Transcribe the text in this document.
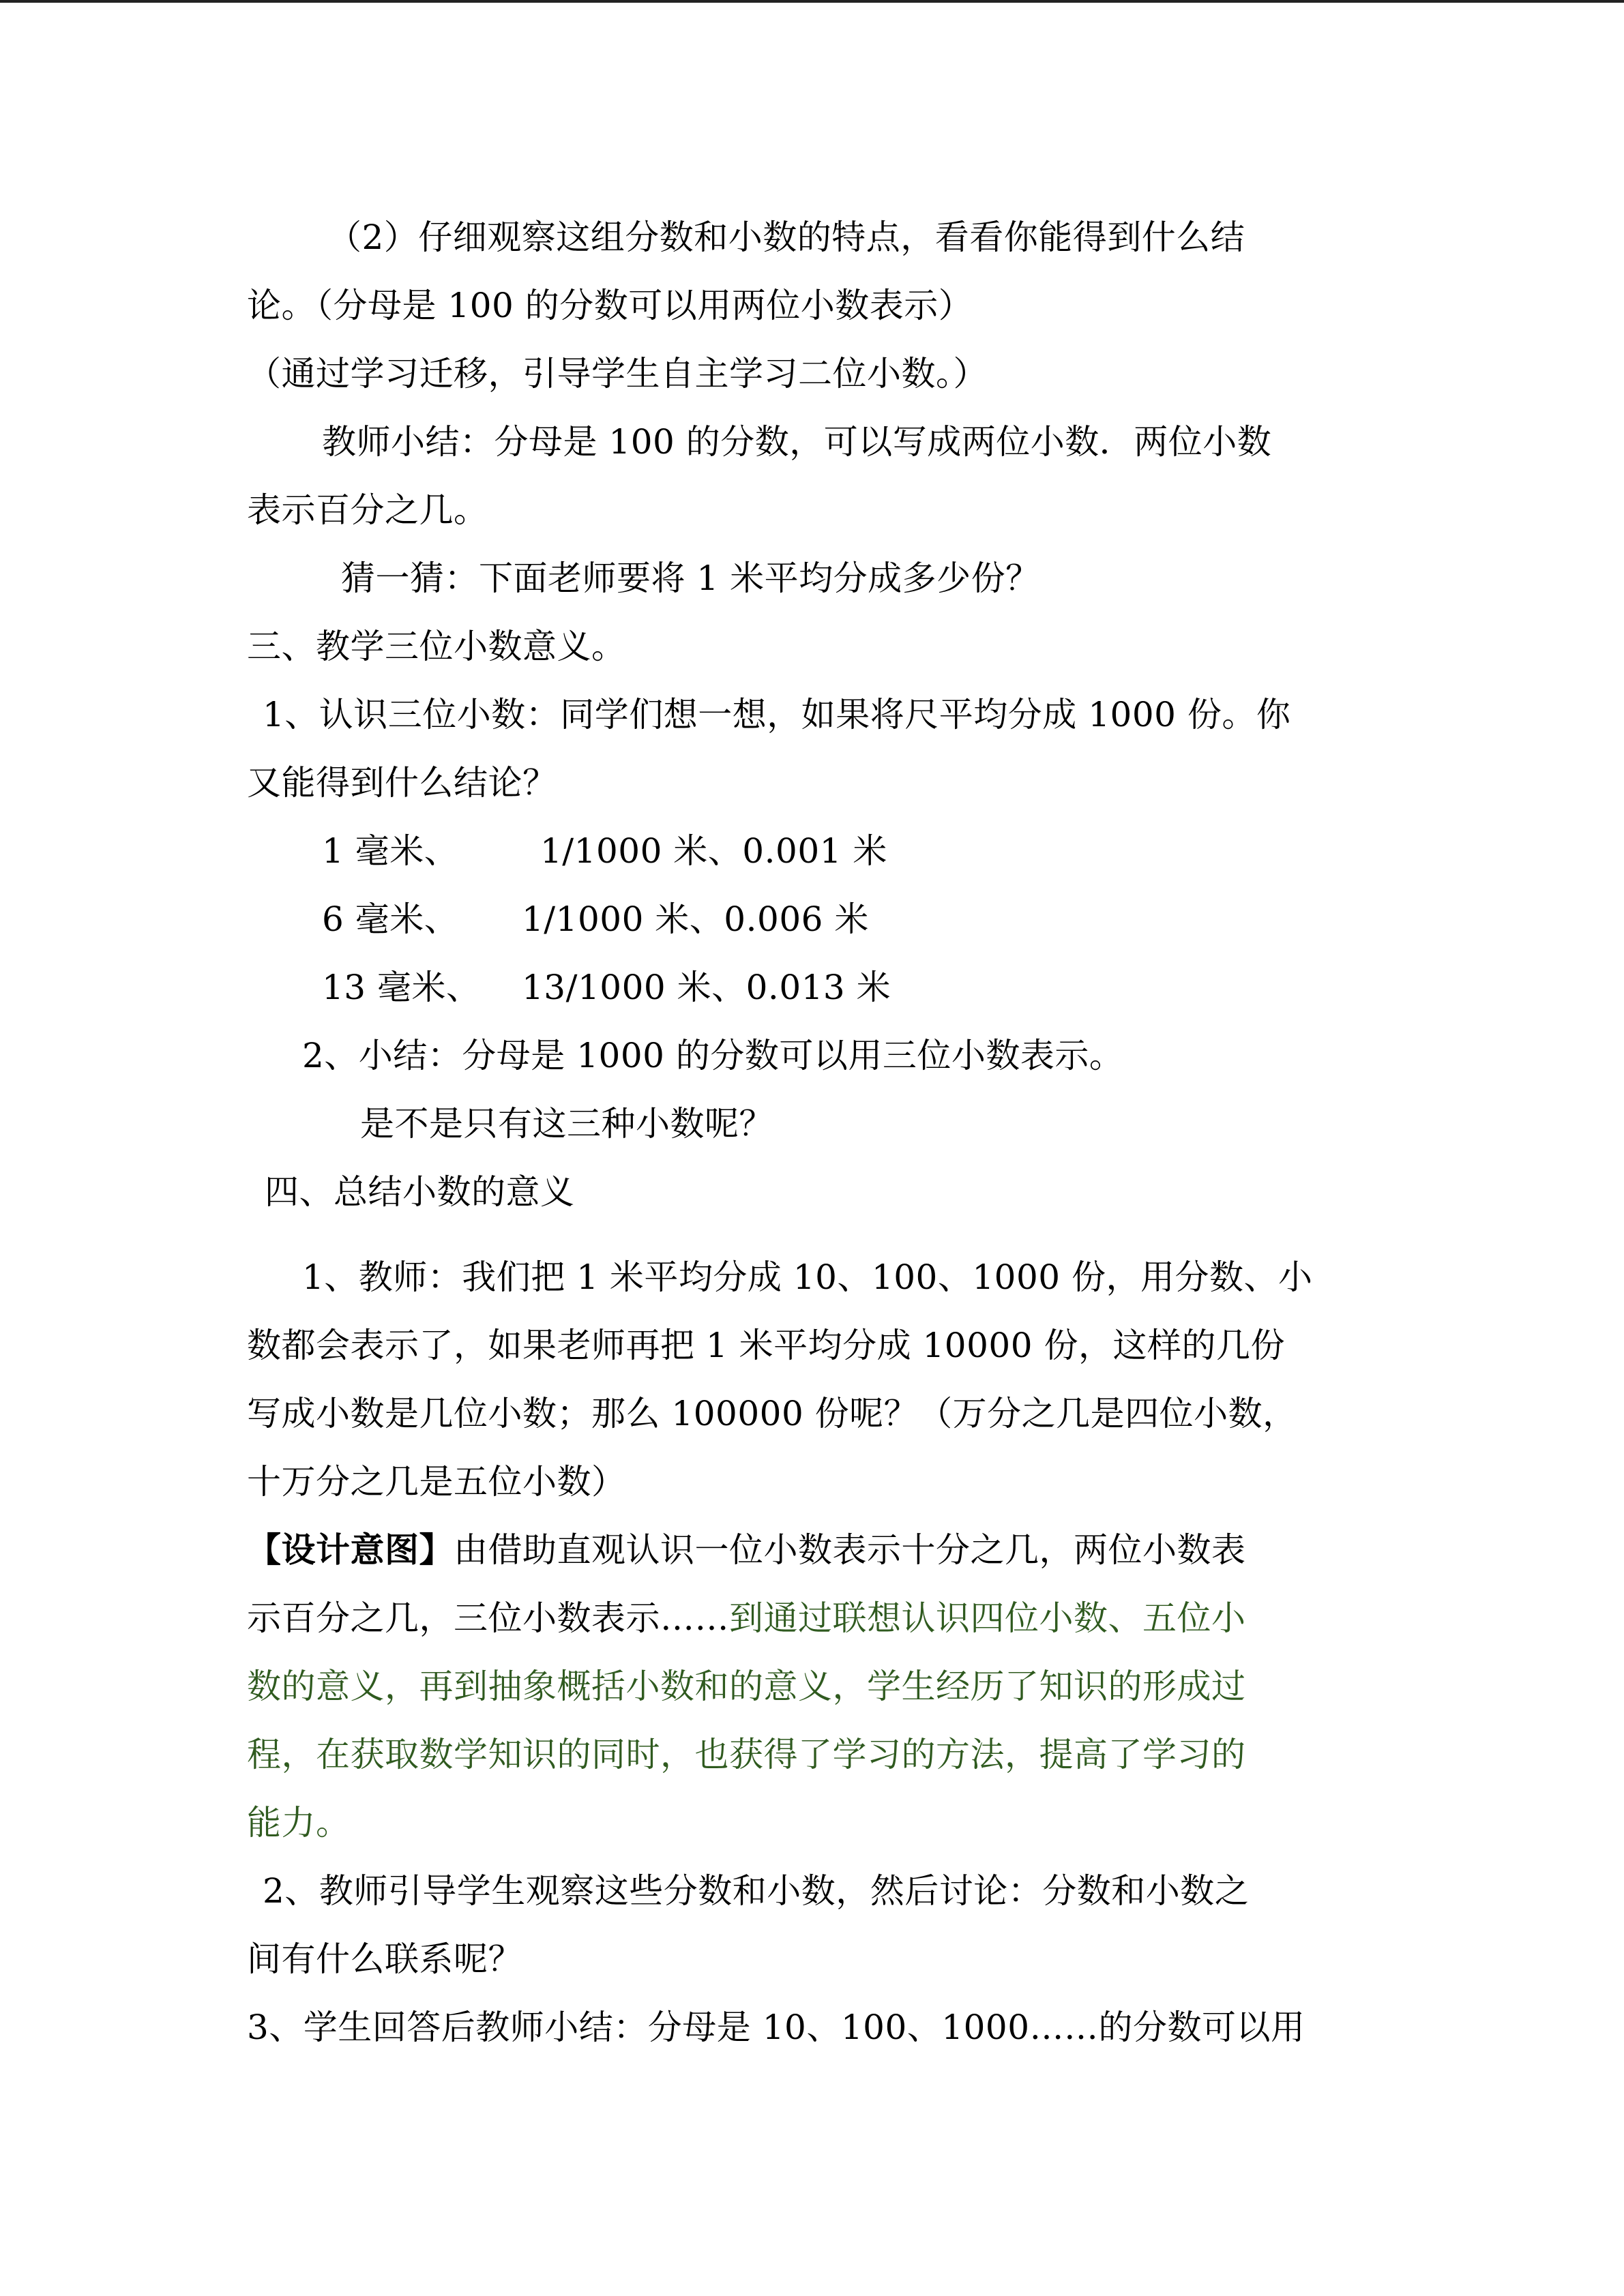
（2）仔细观察这组分数和小数的特点，看看你能得到什么结
论。（分母是 100 的分数可以用两位小数表示）
（通过学习迁移，引导学生自主学习二位小数。）
教师小结：分母是 100 的分数，可以写成两位小数．两位小数
表示百分之几。
猜一猜：下面老师要将 1 米平均分成多少份？
三、教学三位小数意义。
1、认识三位小数：同学们想一想，如果将尺平均分成 1000 份。你
又能得到什么结论？
1 毫米、 1/1000 米、0.001 米
6 毫米、 1/1000 米、0.006 米
13 毫米、 13/1000 米、0.013 米
2、小结：分母是 1000 的分数可以用三位小数表示。
是不是只有这三种小数呢？
四、总结小数的意义
1、教师：我们把 1 米平均分成 10、100、1000 份，用分数、小
数都会表示了，如果老师再把 1 米平均分成 10000 份，这样的几份
写成小数是几位小数；那么 100000 份呢？（万分之几是四位小数，
十万分之几是五位小数）
【设计意图】由借助直观认识一位小数表示十分之几，两位小数表
示百分之几，三位小数表示……到通过联想认识四位小数、五位小
数的意义，再到抽象概括小数和的意义，学生经历了知识的形成过
程，在获取数学知识的同时，也获得了学习的方法，提高了学习的
能力。
2、教师引导学生观察这些分数和小数，然后讨论：分数和小数之
间有什么联系呢？
3、学生回答后教师小结：分母是 10、100、1000……的分数可以用
